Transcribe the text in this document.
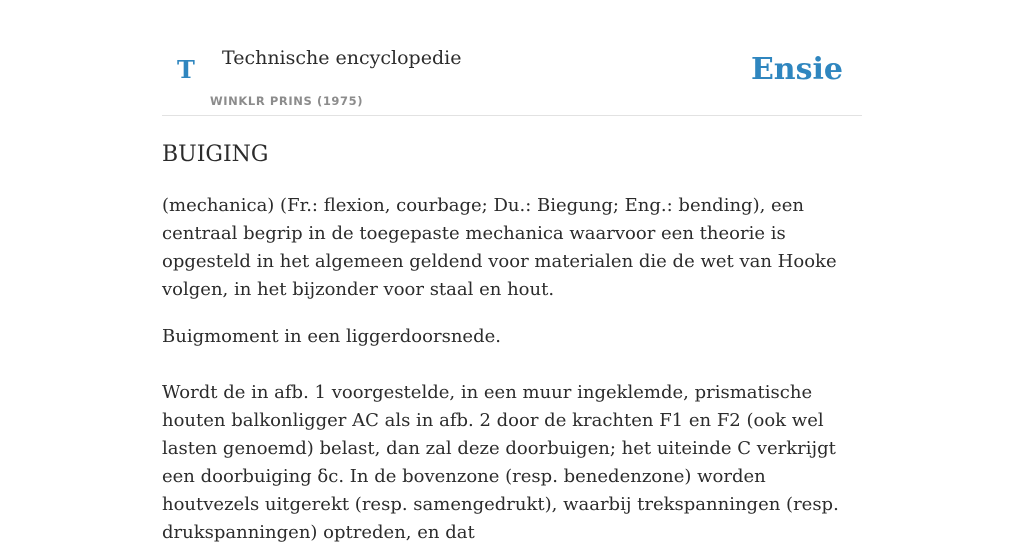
T Technische encyclopedie
WINKLR PRINS (1975)
Ensie
BUIGING

(mechanica) (Fr.: flexion, courbage; Du.: Biegung; Eng.: bending), een centraal begrip in de toegepaste mechanica waarvoor een theorie is opgesteld in het algemeen geldend voor materialen die de wet van Hooke volgen, in het bijzonder voor staal en hout.

Buigmoment in een liggerdoorsnede.

Wordt de in afb. 1 voorgestelde, in een muur ingeklemde, prismatische houten balkonligger AC als in afb. 2 door de krachten F1 en F2 (ook wel lasten genoemd) belast, dan zal deze doorbuigen; het uiteinde C verkrijgt een doorbuiging δc. In de bovenzone (resp. benedenzone) worden houtvezels uitgerekt (resp. samengedrukt), waarbij trekspanningen (resp. drukspanningen) optreden, en dat
